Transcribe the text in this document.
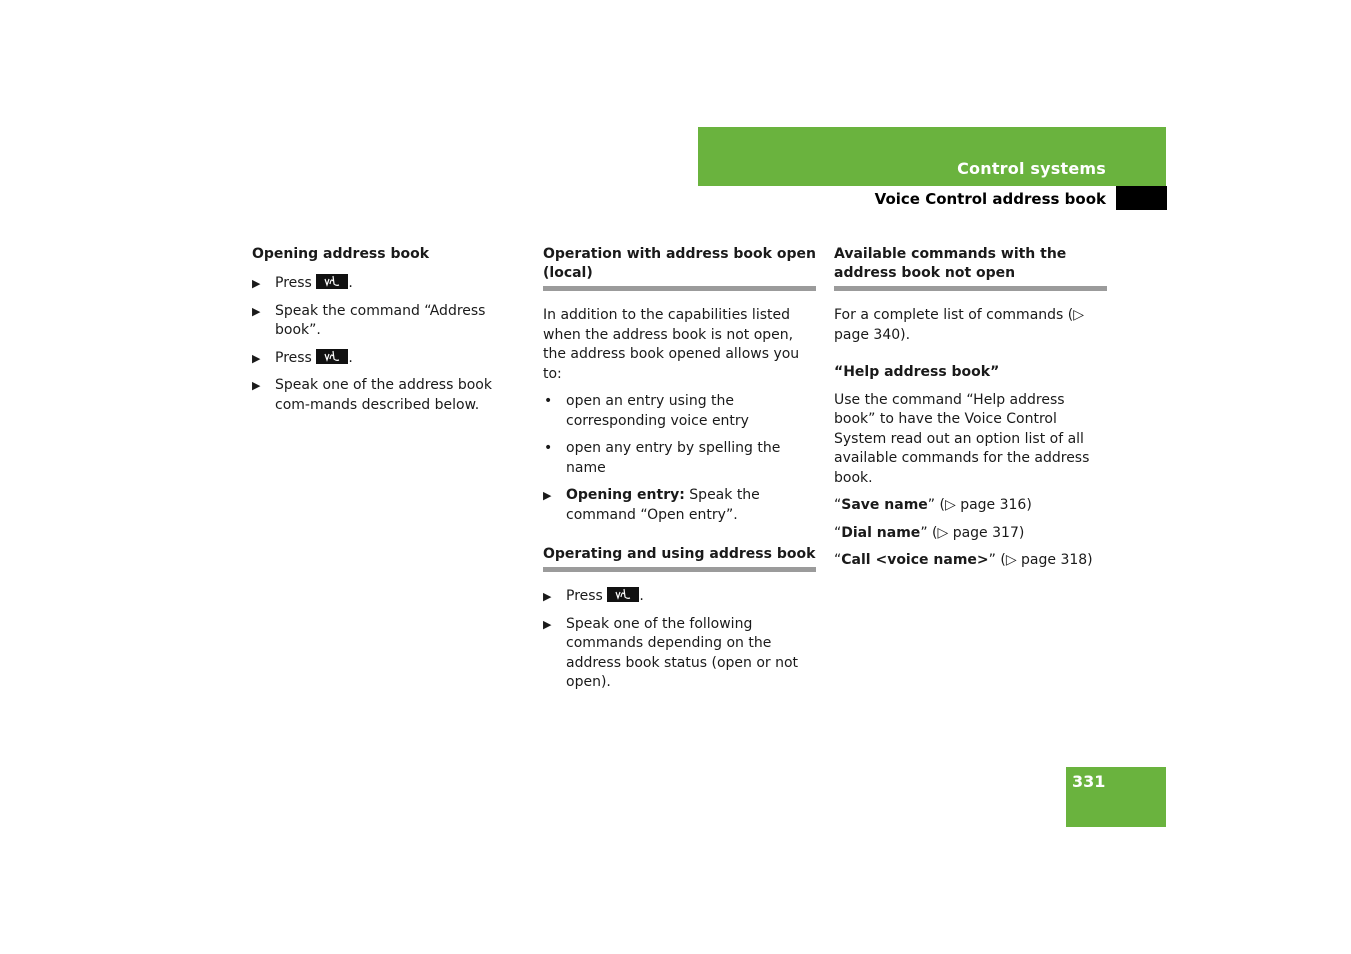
Control systems
Voice Control address book
Opening address book
▶ Press	.
▶ Speak the command “Address book”.
▶ Press	.
▶ Speak one of the address book com-mands described below.
Operation with address book open (local)

In addition to the capabilities listed when the address book is not open, the address book opened allows you to:

• open an entry using the corresponding voice entry
• open any entry by spelling the name
▶ Opening entry: Speak the command “Open entry”.
Operating and using address book
▶ Press	.
▶ Speak one of the following commands depending on the address book status (open or not open).
Available commands with the address book not open

For a complete list of commands (▷ page 340).

“Help address book”

Use the command “Help address book” to have the Voice Control System read out an option list of all available commands for the address book.

“Save name” (▷ page 316)

“Dial name” (▷ page 317)

“Call <voice name>” (▷ page 318)

331
